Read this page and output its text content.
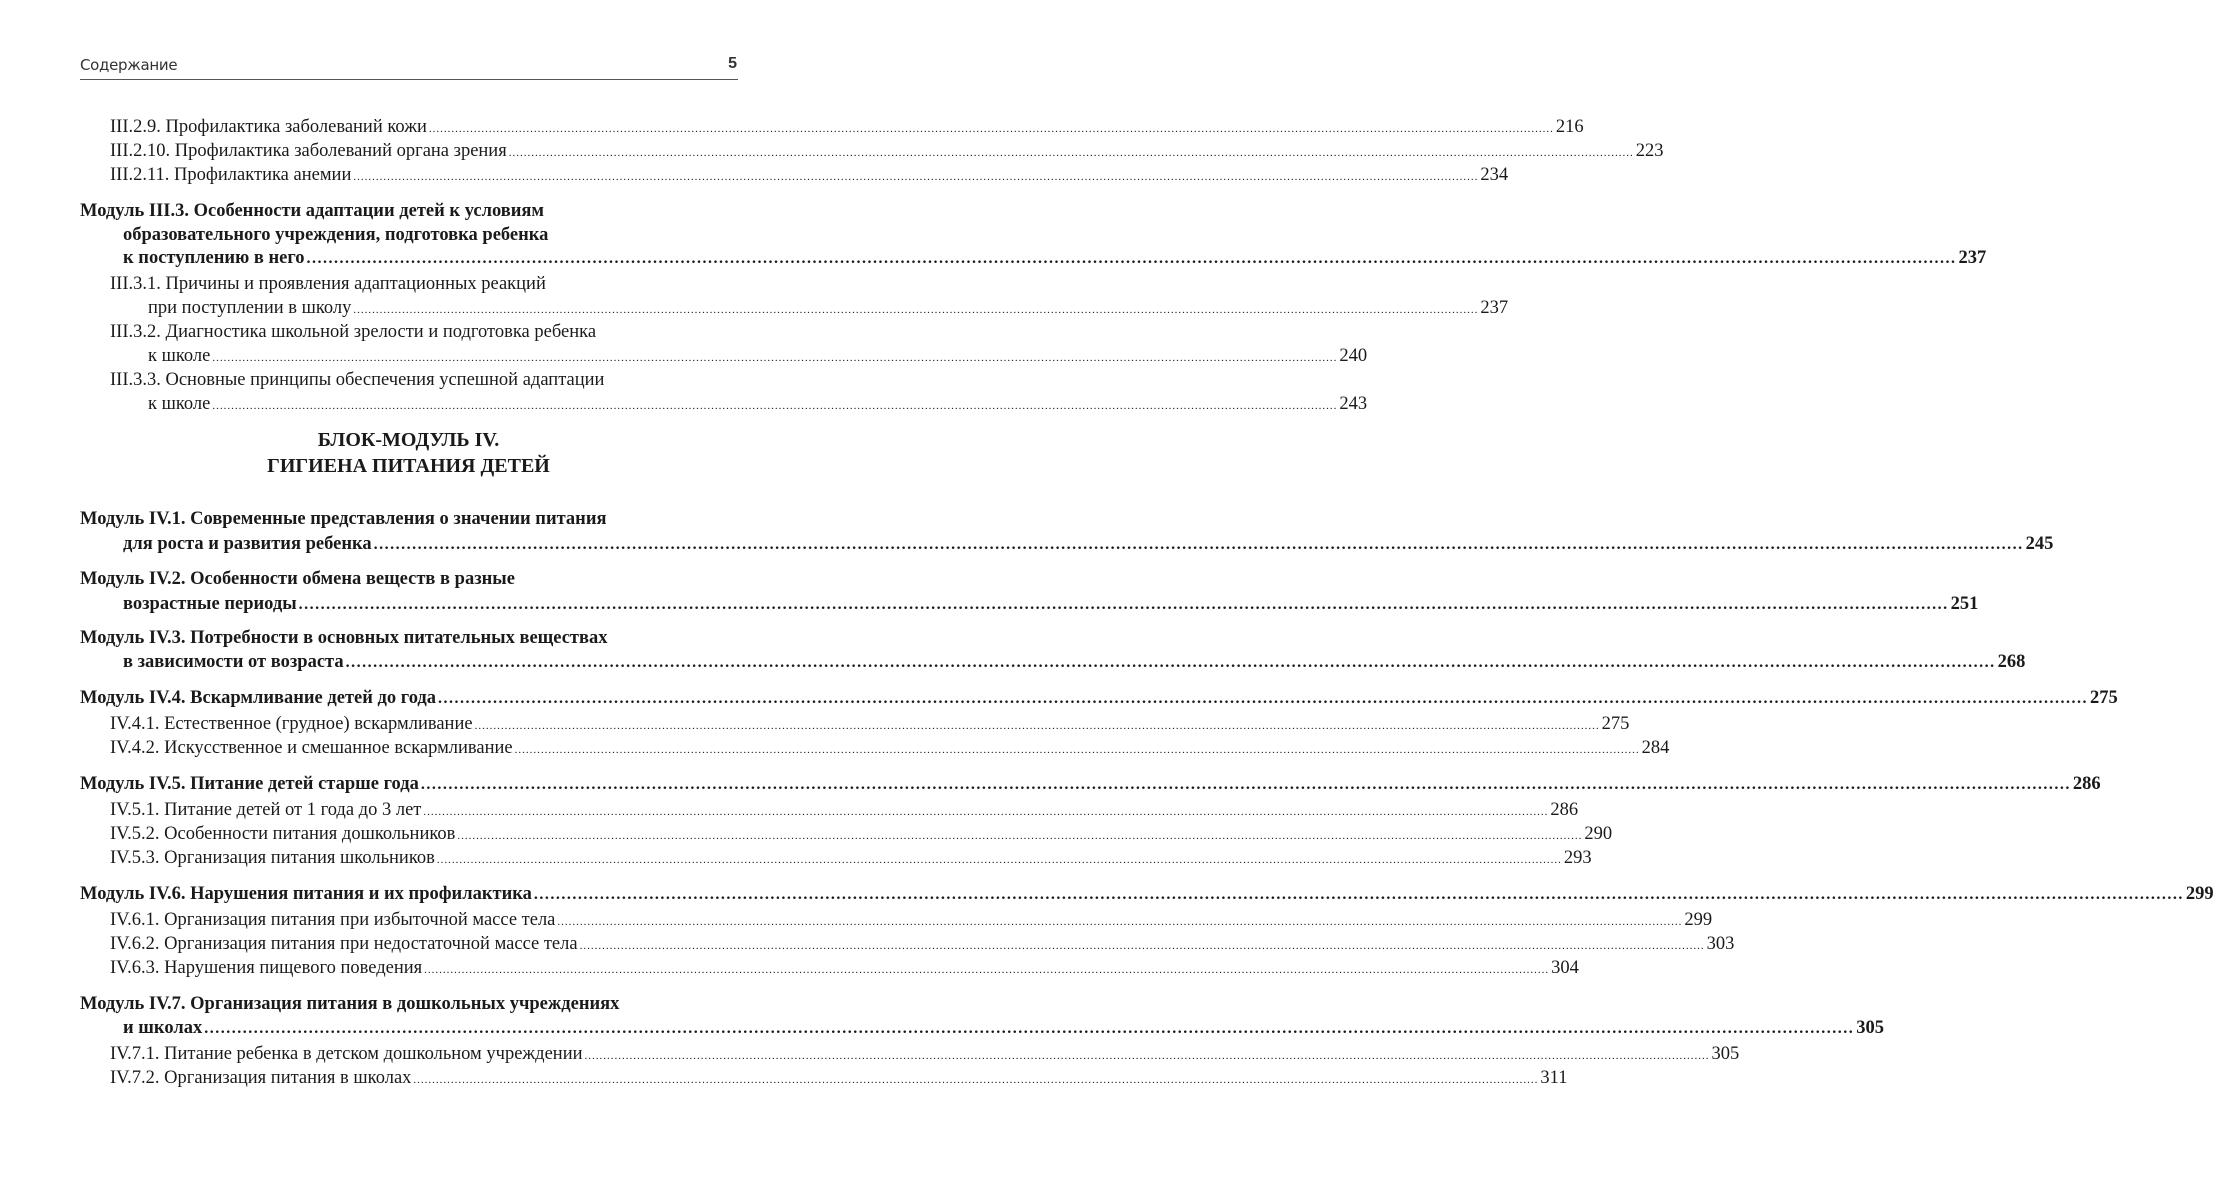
Содержание	5
БЛОК-МОДУЛЬ IV.
ГИГИЕНА ПИТАНИЯ ДЕТЕЙ
III.2.9. Профилактика заболеваний кожи ............................................................................................................................................................................................................................................................................................................ 216
III.2.10. Профилактика заболеваний органа зрения ............................................................................................................................................................................................................................................................................................................ 223
III.2.11. Профилактика анемии ............................................................................................................................................................................................................................................................................................................ 234
Модуль III.3. Особенности адаптации детей к условиям
образовательного учреждения, подготовка ребенка
к поступлению в него ............................................................................................................................................................................................................................................................................................................ 237
III.3.1. Причины и проявления адаптационных реакций
при поступлении в школу ............................................................................................................................................................................................................................................................................................................ 237
III.3.2. Диагностика школьной зрелости и подготовка ребенка
к школе ............................................................................................................................................................................................................................................................................................................ 240
III.3.3. Основные принципы обеспечения успешной адаптации
к школе ............................................................................................................................................................................................................................................................................................................ 243
Модуль IV.1. Современные представления о значении питания
для роста и развития ребенка ............................................................................................................................................................................................................................................................................................................ 245
Модуль IV.2. Особенности обмена веществ в разные
возрастные периоды ............................................................................................................................................................................................................................................................................................................ 251
Модуль IV.3. Потребности в основных питательных веществах
в зависимости от возраста ............................................................................................................................................................................................................................................................................................................ 268
Модуль IV.4. Вскармливание детей до года ............................................................................................................................................................................................................................................................................................................ 275
IV.4.1. Естественное (грудное) вскармливание ............................................................................................................................................................................................................................................................................................................ 275
IV.4.2. Искусственное и смешанное вскармливание ............................................................................................................................................................................................................................................................................................................ 284
Модуль IV.5. Питание детей старше года ............................................................................................................................................................................................................................................................................................................ 286
IV.5.1. Питание детей от 1 года до 3 лет ............................................................................................................................................................................................................................................................................................................ 286
IV.5.2. Особенности питания дошкольников ............................................................................................................................................................................................................................................................................................................ 290
IV.5.3. Организация питания школьников ............................................................................................................................................................................................................................................................................................................ 293
Модуль IV.6. Нарушения питания и их профилактика ............................................................................................................................................................................................................................................................................................................ 299
IV.6.1. Организация питания при избыточной массе тела ............................................................................................................................................................................................................................................................................................................ 299
IV.6.2. Организация питания при недостаточной массе тела ............................................................................................................................................................................................................................................................................................................ 303
IV.6.3. Нарушения пищевого поведения ............................................................................................................................................................................................................................................................................................................ 304
Модуль IV.7. Организация питания в дошкольных учреждениях
и школах ............................................................................................................................................................................................................................................................................................................ 305
IV.7.1. Питание ребенка в детском дошкольном учреждении ............................................................................................................................................................................................................................................................................................................ 305
IV.7.2. Организация питания в школах ............................................................................................................................................................................................................................................................................................................ 311
